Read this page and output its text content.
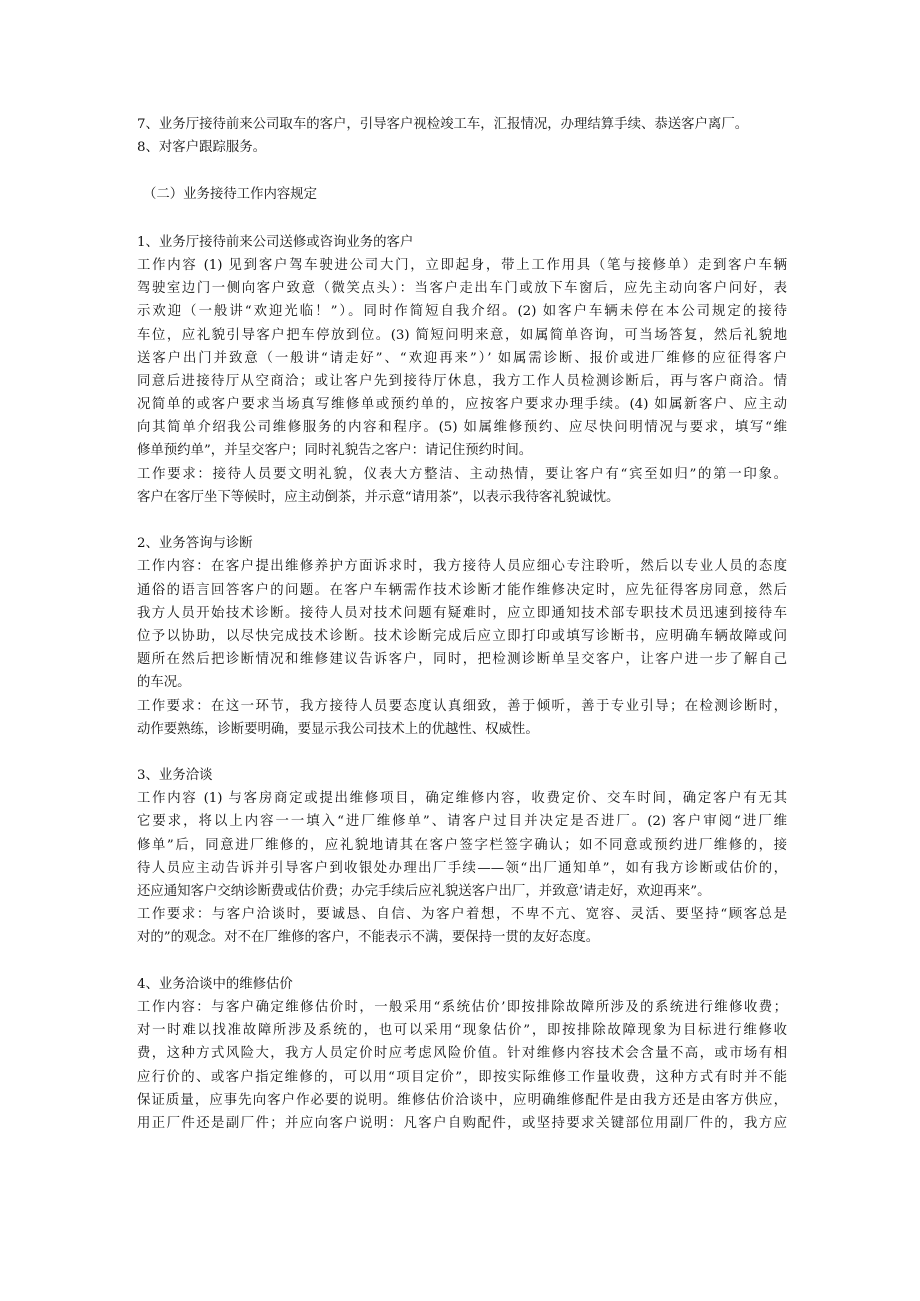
7、业务厅接待前来公司取车的客户，引导客户视检竣工车，汇报情况，办理结算手续、恭送客户离厂。
8、对客户跟踪服务。
（二）业务接待工作内容规定
1、业务厅接待前来公司送修或咨询业务的客户
工作内容 (1) 见到客户驾车驶进公司大门，立即起身，带上工作用具（笔与接修单）走到客户车辆
驾驶室边门一侧向客户致意（微笑点头）：当客户走出车门或放下车窗后，应先主动向客户问好，表
示欢迎（一般讲“欢迎光临！”）。同时作简短自我介绍。(2) 如客户车辆未停在本公司规定的接待
车位，应礼貌引导客户把车停放到位。(3) 简短问明来意，如属简单咨询，可当场答复，然后礼貌地
送客户出门并致意（一般讲“请走好”、“欢迎再来”）’ 如属需诊断、报价或进厂维修的应征得客户
同意后进接待厅从空商洽；或让客户先到接待厅休息，我方工作人员检测诊断后，再与客户商洽。情
况简单的或客户要求当场真写维修单或预约单的，应按客户要求办理手续。(4) 如属新客户、应主动
向其简单介绍我公司维修服务的内容和程序。(5) 如属维修预约、应尽快问明情况与要求，填写“维
修单预约单”，并呈交客户；同时礼貌告之客户：请记住预约时间。
工作要求：接待人员要文明礼貌，仪表大方整洁、主动热情，要让客户有“宾至如归”的第一印象。
客户在客厅坐下等候时，应主动倒茶，并示意“请用茶”，以表示我待客礼貌诚忱。
2、业务答询与诊断
工作内容：在客户提出维修养护方面诉求时，我方接待人员应细心专注聆听，然后以专业人员的态度
通俗的语言回答客户的问题。在客户车辆需作技术诊断才能作维修决定时，应先征得客房同意，然后
我方人员开始技术诊断。接待人员对技术问题有疑难时，应立即通知技术部专职技术员迅速到接待车
位予以协助，以尽快完成技术诊断。技术诊断完成后应立即打印或填写诊断书，应明确车辆故障或问
题所在然后把诊断情况和维修建议告诉客户，同时，把检测诊断单呈交客户，让客户进一步了解自己
的车况。
工作要求：在这一环节，我方接待人员要态度认真细致，善于倾听，善于专业引导；在检测诊断时，
动作要熟练，诊断要明确，要显示我公司技术上的优越性、权威性。
3、业务洽谈
工作内容 (1) 与客房商定或提出维修项目，确定维修内容，收费定价、交车时间，确定客户有无其
它要求，将以上内容一一填入“进厂维修单”、请客户过目并决定是否进厂。(2) 客户审阅“进厂维
修单”后，同意进厂维修的，应礼貌地请其在客户签字栏签字确认；如不同意或预约进厂维修的，接
待人员应主动告诉并引导客户到收银处办理出厂手续——领“出厂通知单”，如有我方诊断或估价的，
还应通知客户交纳诊断费或估价费；办完手续后应礼貌送客户出厂，并致意’请走好，欢迎再来”。
工作要求：与客户洽谈时，要诚恳、自信、为客户着想，不卑不亢、宽容、灵活、要坚持“顾客总是
对的”的观念。对不在厂维修的客户，不能表示不满，要保持一贯的友好态度。
4、业务洽谈中的维修估价
工作内容：与客户确定维修估价时，一般采用“系统估价’即按排除故障所涉及的系统进行维修收费；
对一时难以找准故障所涉及系统的，也可以采用“现象估价”，即按排除故障现象为目标进行维修收
费，这种方式风险大，我方人员定价时应考虑风险价值。针对维修内容技术会含量不高，或市场有相
应行价的、或客户指定维修的，可以用“项目定价”，即按实际维修工作量收费，这种方式有时并不能
保证质量，应事先向客户作必要的说明。维修估价洽谈中，应明确维修配件是由我方还是由客方供应，
用正厂件还是副厂件；并应向客户说明：凡客户自购配件，或坚持要求关键部位用副厂件的，我方应
